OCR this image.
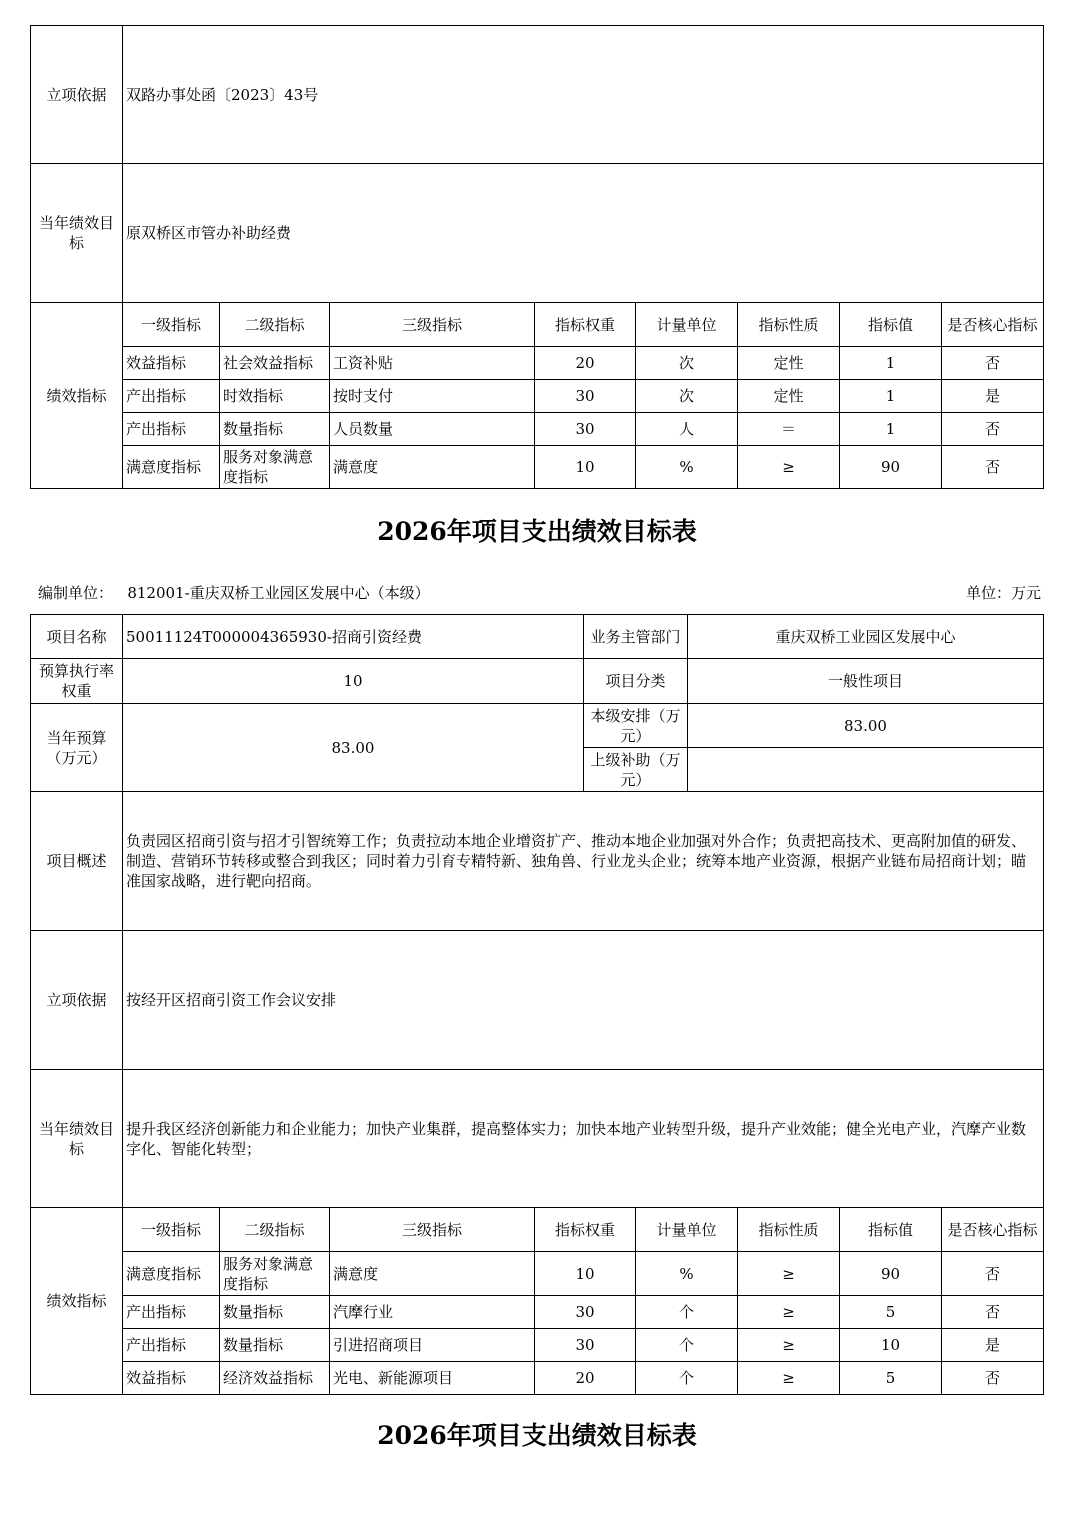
立项依据	双路办事处函〔2023〕43号							
当年绩效目标	原双桥区市管办补助经费							
绩效指标	一级指标	二级指标	三级指标	指标权重	计量单位	指标性质	指标值	是否核心指标
	效益指标	社会效益指标	工资补贴	20	次	定性	1	否
	产出指标	时效指标	按时支付	30	次	定性	1	是
	产出指标	数量指标	人员数量	30	人	＝	1	否
	满意度指标	服务对象满意度指标	满意度	10	%	≥	90	否
2026年项目支出绩效目标表
编制单位： 812001-重庆双桥工业园区发展中心（本级）	单位：万元
项目名称	50011124T000004365930-招商引资经费	业务主管部门	重庆双桥工业园区发展中心
预算执行率权重	10	项目分类	一般性项目
当年预算（万元）	83.00	本级安排（万元）	83.00
		上级补助（万元）	
项目概述	负责园区招商引资与招才引智统筹工作；负责拉动本地企业增资扩产、推动本地企业加强对外合作；负责把高技术、更高附加值的研发、制造、营销环节转移或整合到我区；同时着力引育专精特新、独角兽、行业龙头企业；统筹本地产业资源，根据产业链布局招商计划；瞄准国家战略，进行靶向招商。							
立项依据	按经开区招商引资工作会议安排							
当年绩效目标	提升我区经济创新能力和企业能力；加快产业集群，提高整体实力；加快本地产业转型升级，提升产业效能；健全光电产业，汽摩产业数字化、智能化转型；							
绩效指标	一级指标	二级指标	三级指标	指标权重	计量单位	指标性质	指标值	是否核心指标
	满意度指标	服务对象满意度指标	满意度	10	%	≥	90	否
	产出指标	数量指标	汽摩行业	30	个	≥	5	否
	产出指标	数量指标	引进招商项目	30	个	≥	10	是
	效益指标	经济效益指标	光电、新能源项目	20	个	≥	5	否
2026年项目支出绩效目标表
